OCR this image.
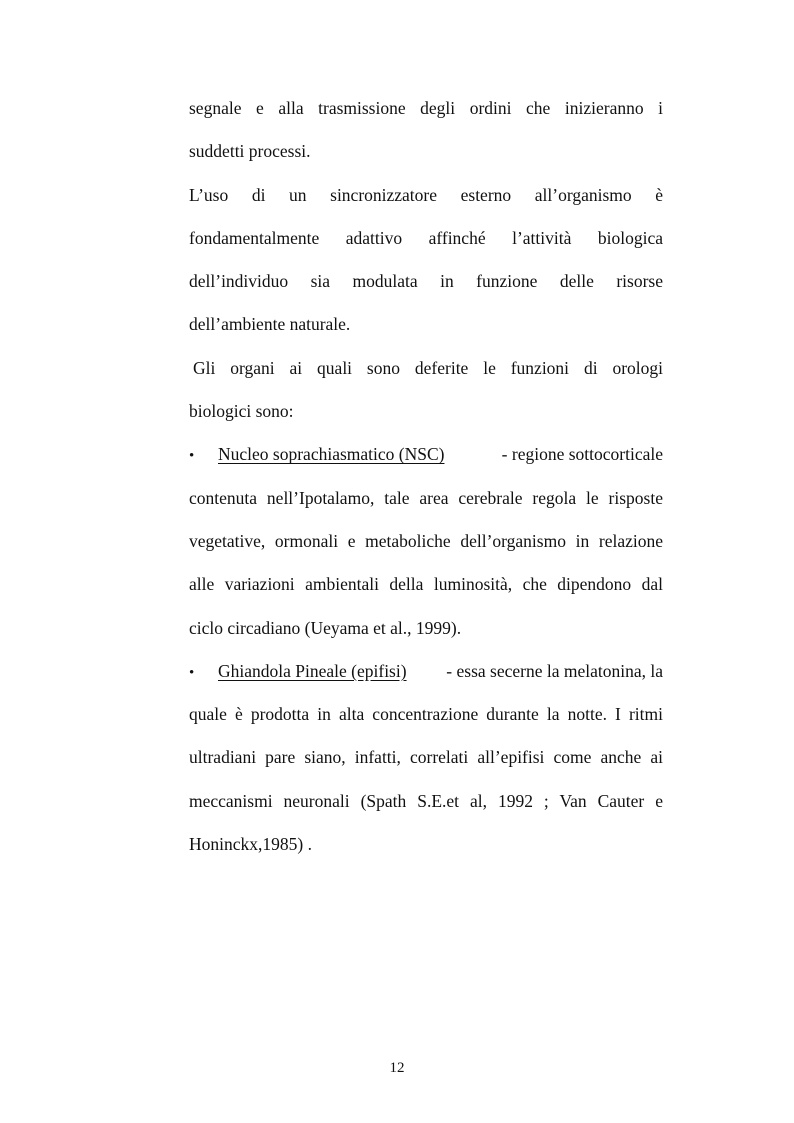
segnale e alla trasmissione degli ordini che inizieranno i
suddetti processi.
L’uso di un sincronizzatore esterno all’organismo è
fondamentalmente adattivo affinché l’attività biologica
dell’individuo sia modulata in funzione delle risorse
dell’ambiente naturale.
Gli organi ai quali sono deferite le funzioni di orologi
biologici sono:
•	Nucleo soprachiasmatico (NSC)	- regione sottocorticale
contenuta nell’Ipotalamo, tale area cerebrale regola le risposte
vegetative, ormonali e metaboliche dell’organismo in relazione
alle variazioni ambientali della luminosità, che dipendono dal
ciclo circadiano (Ueyama et al., 1999).
•	Ghiandola Pineale (epifisi) - essa secerne la melatonina, la
quale è prodotta in alta concentrazione durante la notte. I ritmi
ultradiani pare siano, infatti, correlati all’epifisi come anche ai
meccanismi neuronali (Spath S.E.et al, 1992 ; Van Cauter e
Honinckx,1985) .
12
